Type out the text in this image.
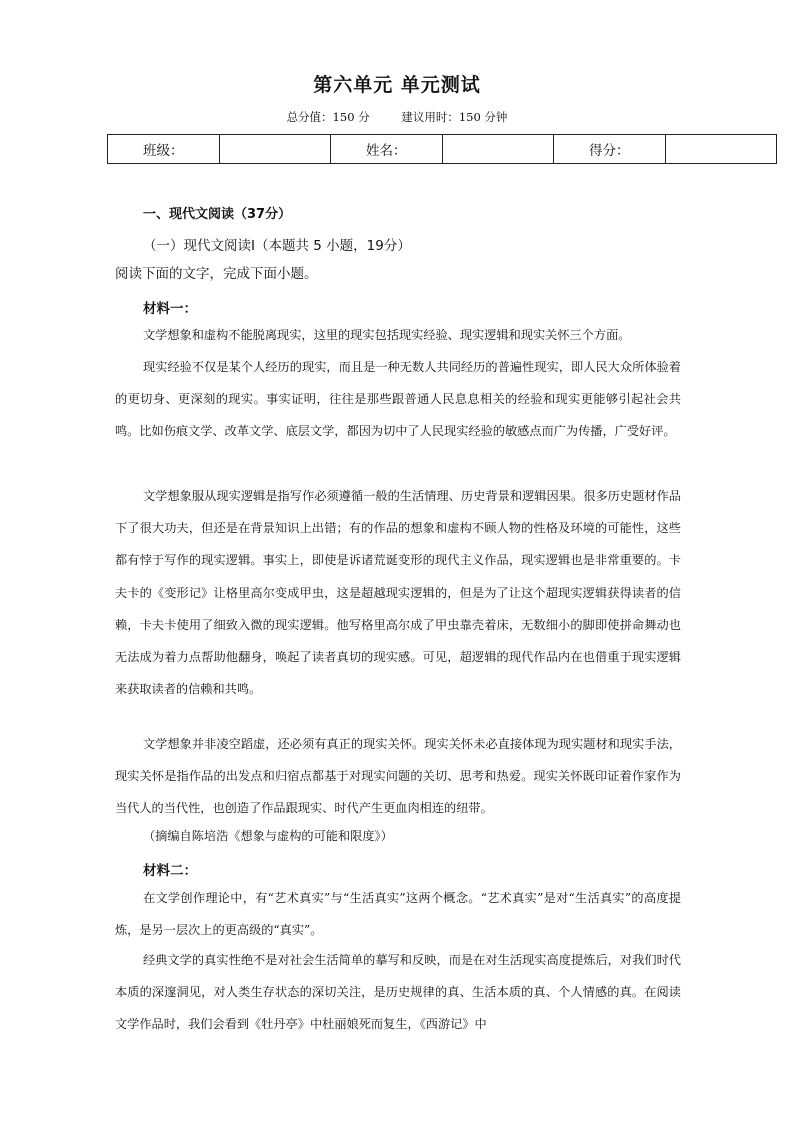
第六单元 单元测试
总分值：150 分	建议用时：150 分钟
班级：		姓名：		得分：	
一、现代文阅读（37分）
（一）现代文阅读Ⅰ（本题共 5 小题，19分）
阅读下面的文字，完成下面小题。
材料一：

文学想象和虚构不能脱离现实，这里的现实包括现实经验、现实逻辑和现实关怀三个方面。

现实经验不仅是某个人经历的现实，而且是一种无数人共同经历的普遍性现实，即人民大众所体验着的更切身、更深刻的现实。事实证明，往往是那些跟普通人民息息相关的经验和现实更能够引起社会共鸣。比如伤痕文学、改革文学、底层文学，都因为切中了人民现实经验的敏感点而广为传播，广受好评。

文学想象服从现实逻辑是指写作必须遵循一般的生活情理、历史背景和逻辑因果。很多历史题材作品下了很大功夫，但还是在背景知识上出错；有的作品的想象和虚构不顾人物的性格及环境的可能性，这些都有悖于写作的现实逻辑。事实上，即使是诉诸荒诞变形的现代主义作品，现实逻辑也是非常重要的。卡夫卡的《变形记》让格里高尔变成甲虫，这是超越现实逻辑的，但是为了让这个超现实逻辑获得读者的信赖，卡夫卡使用了细致入微的现实逻辑。他写格里高尔成了甲虫靠壳着床，无数细小的脚即使拼命舞动也无法成为着力点帮助他翻身，唤起了读者真切的现实感。可见，超逻辑的现代作品内在也借重于现实逻辑来获取读者的信赖和共鸣。

文学想象并非凌空蹈虚，还必须有真正的现实关怀。现实关怀未必直接体现为现实题材和现实手法，现实关怀是指作品的出发点和归宿点都基于对现实问题的关切、思考和热爱。现实关怀既印证着作家作为当代人的当代性，也创造了作品跟现实、时代产生更血肉相连的纽带。

（摘编自陈培浩《想象与虚构的可能和限度》）
材料二：

在文学创作理论中，有“艺术真实”与“生活真实”这两个概念。“艺术真实”是对“生活真实”的高度提炼，是另一层次上的更高级的“真实”。

经典文学的真实性绝不是对社会生活简单的摹写和反映，而是在对生活现实高度提炼后，对我们时代本质的深邃洞见，对人类生存状态的深切关注，是历史规律的真、生活本质的真、个人情感的真。在阅读文学作品时，我们会看到《牡丹亭》中杜丽娘死而复生，《西游记》中
